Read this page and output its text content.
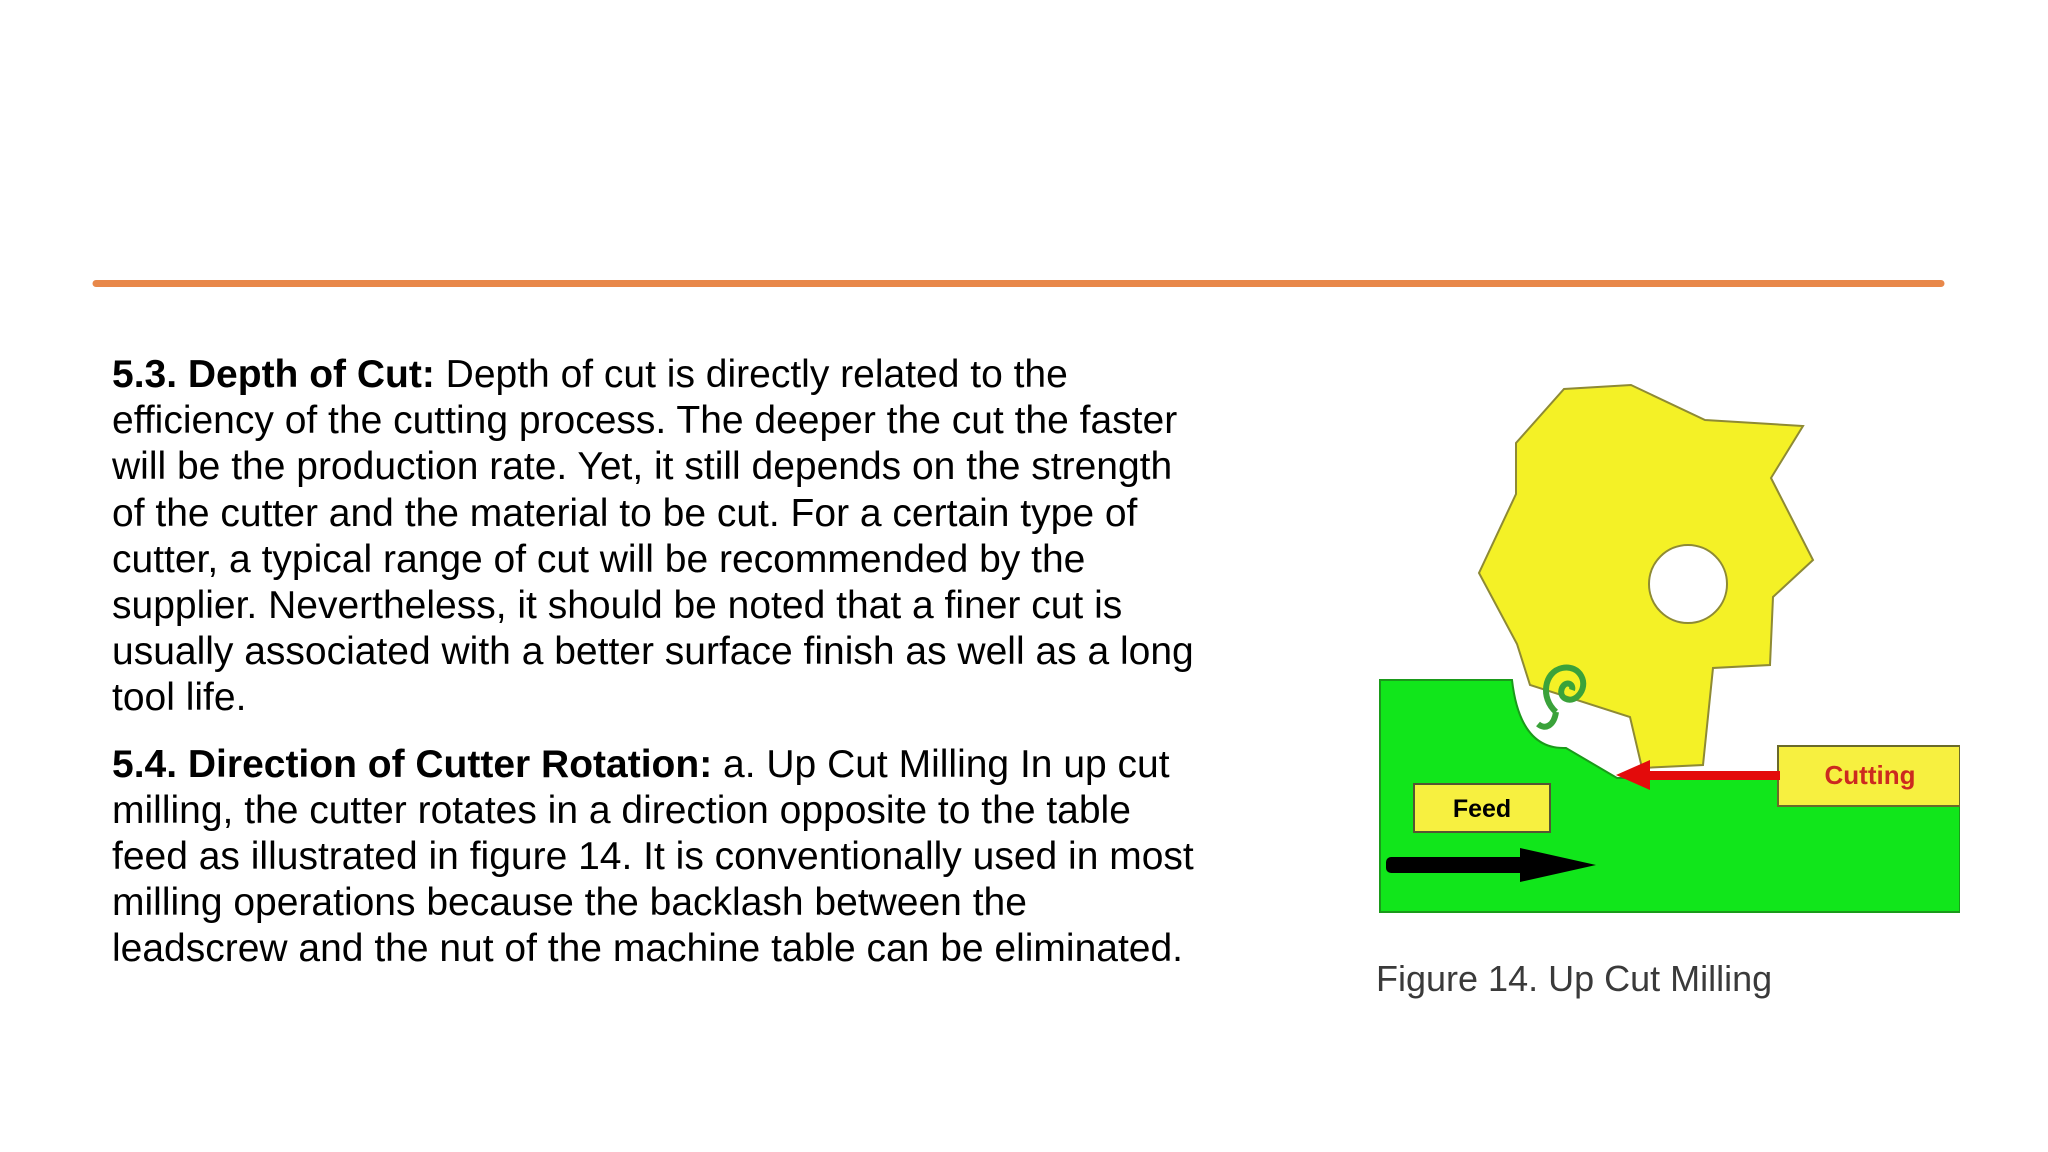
5.3. Depth of Cut: Depth of cut is directly related to the
efficiency of the cutting process. The deeper the cut the faster
will be the production rate. Yet, it still depends on the strength
of the cutter and the material to be cut. For a certain type of
cutter, a typical range of cut will be recommended by the
supplier. Nevertheless, it should be noted that a finer cut is
usually associated with a better surface finish as well as a long
tool life.

5.4. Direction of Cutter Rotation: a. Up Cut Milling In up cut
milling, the cutter rotates in a direction opposite to the table
feed as illustrated in figure 14. It is conventionally used in most
milling operations because the backlash between the
leadscrew and the nut of the machine table can be eliminated.

Cutting
Feed
Figure 14. Up Cut Milling
